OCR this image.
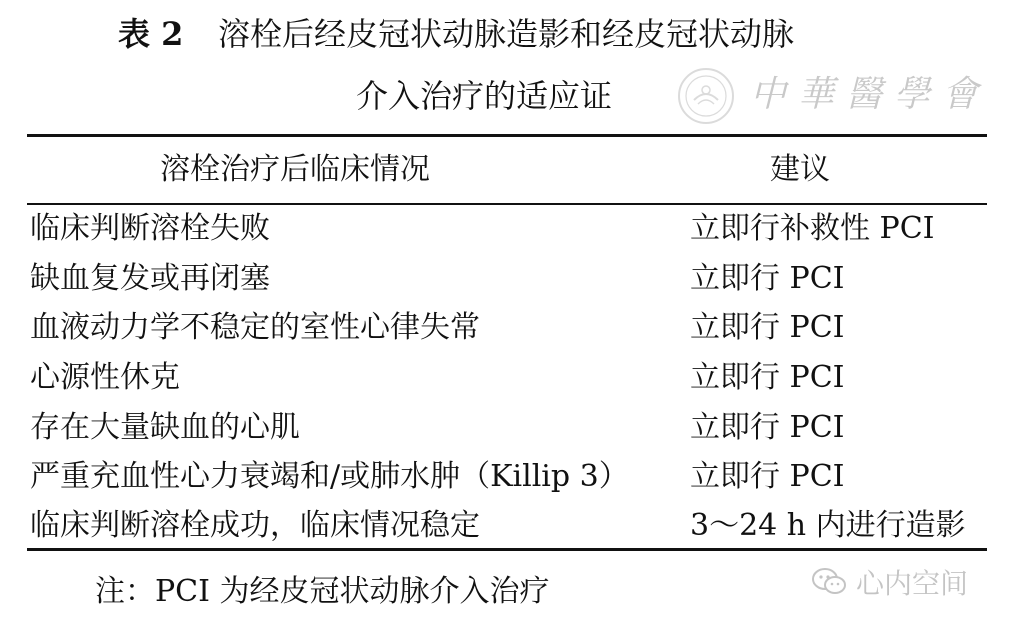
表 2 溶栓后经皮冠状动脉造影和经皮冠状动脉
介入治疗的适应证	中華醫學會
溶栓治疗后临床情况	建议
临床判断溶栓失败	立即行补救性 PCI
缺血复发或再闭塞	立即行 PCI
血液动力学不稳定的室性心律失常	立即行 PCI
心源性休克	立即行 PCI
存在大量缺血的心肌	立即行 PCI
严重充血性心力衰竭和/或肺水肿（Killip 3） 立即行 PCI
临床判断溶栓成功，临床情况稳定	3～24 h 内进行造影
注：PCI 为经皮冠状动脉介入治疗	心内空间
